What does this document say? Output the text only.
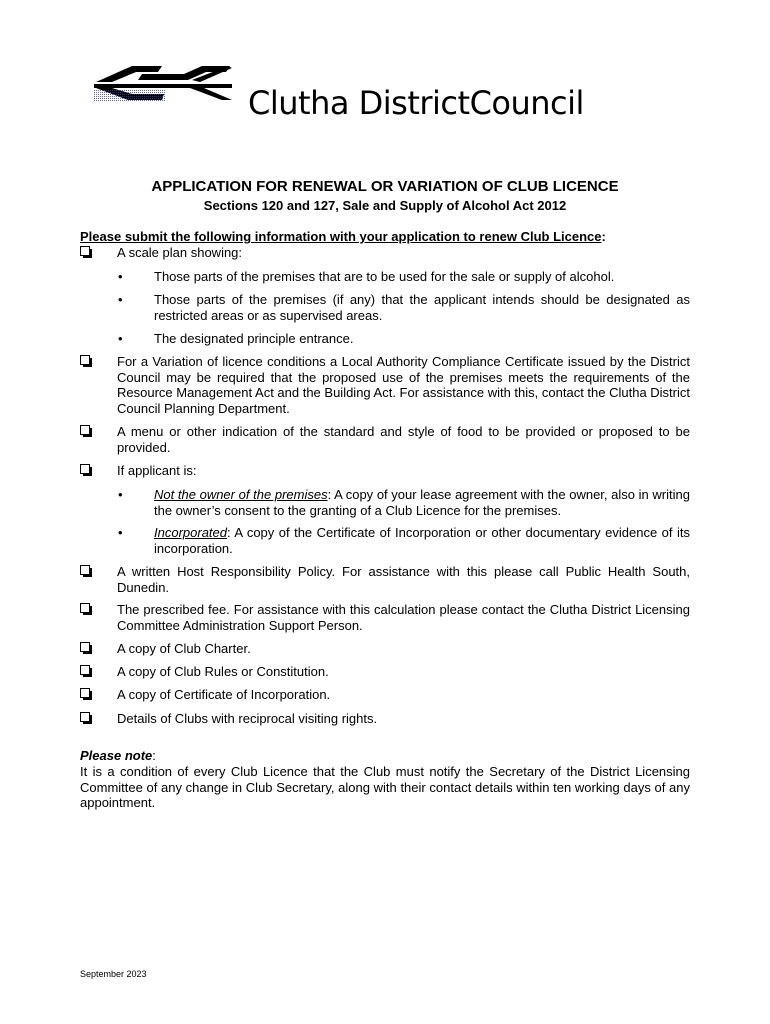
Clutha DistrictCouncil
APPLICATION FOR RENEWAL OR VARIATION OF CLUB LICENCE
Sections 120 and 127, Sale and Supply of Alcohol Act 2012
Please submit the following information with your application to renew Club Licence:
A scale plan showing:
• Those parts of the premises that are to be used for the sale or supply of alcohol.
• Those parts of the premises (if any) that the applicant intends should be designated as restricted areas or as supervised areas.
• The designated principle entrance.
For a Variation of licence conditions a Local Authority Compliance Certificate issued by the District Council may be required that the proposed use of the premises meets the requirements of the Resource Management Act and the Building Act. For assistance with this, contact the Clutha District Council Planning Department.
A menu or other indication of the standard and style of food to be provided or proposed to be provided.
If applicant is:
• Not the owner of the premises: A copy of your lease agreement with the owner, also in writing the owner’s consent to the granting of a Club Licence for the premises.
• Incorporated: A copy of the Certificate of Incorporation or other documentary evidence of its incorporation.
A written Host Responsibility Policy. For assistance with this please call Public Health South, Dunedin.
The prescribed fee. For assistance with this calculation please contact the Clutha District Licensing Committee Administration Support Person.
A copy of Club Charter.
A copy of Club Rules or Constitution.
A copy of Certificate of Incorporation.
Details of Clubs with reciprocal visiting rights.
Please note:
It is a condition of every Club Licence that the Club must notify the Secretary of the District Licensing Committee of any change in Club Secretary, along with their contact details within ten working days of any appointment.
September 2023
